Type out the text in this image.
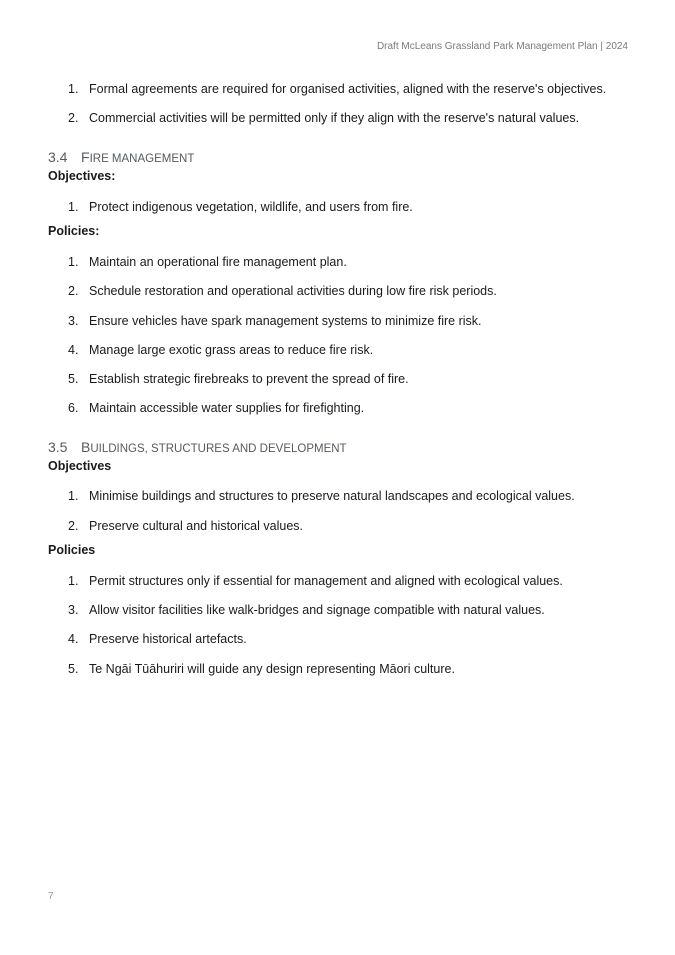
Draft McLeans Grassland Park Management Plan | 2024
1. Formal agreements are required for organised activities, aligned with the reserve's objectives.
2. Commercial activities will be permitted only if they align with the reserve's natural values.
3.4 FIRE MANAGEMENT
Objectives:
1. Protect indigenous vegetation, wildlife, and users from fire.
Policies:
1. Maintain an operational fire management plan.
2. Schedule restoration and operational activities during low fire risk periods.
3. Ensure vehicles have spark management systems to minimize fire risk.
4. Manage large exotic grass areas to reduce fire risk.
5. Establish strategic firebreaks to prevent the spread of fire.
6. Maintain accessible water supplies for firefighting.
3.5 BUILDINGS, STRUCTURES AND DEVELOPMENT
Objectives
1. Minimise buildings and structures to preserve natural landscapes and ecological values.
2. Preserve cultural and historical values.
Policies
1. Permit structures only if essential for management and aligned with ecological values.
3. Allow visitor facilities like walk-bridges and signage compatible with natural values.
4. Preserve historical artefacts.
5. Te Ngāi Tūāhuriri will guide any design representing Māori culture.
7
